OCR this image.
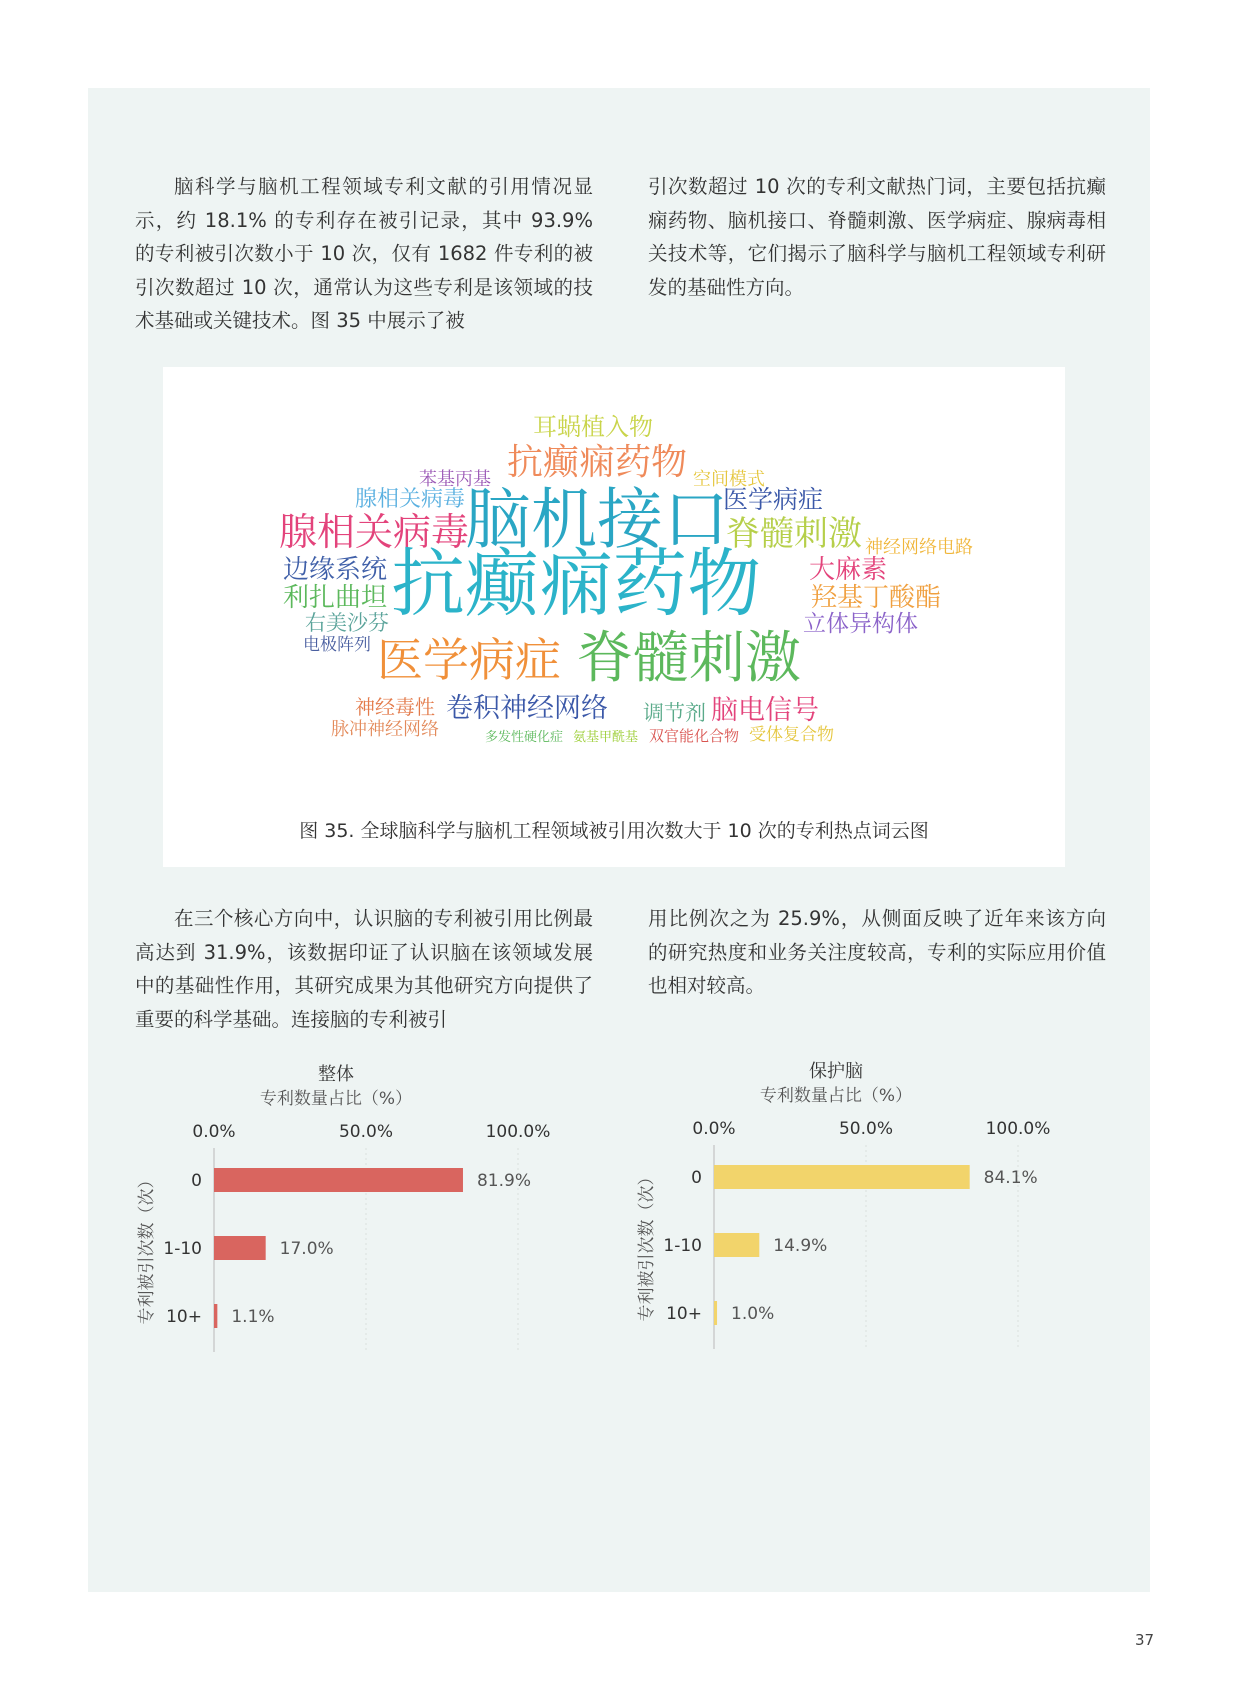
脑科学与脑机工程领域专利文献的引用情况显示，约 18.1% 的专利存在被引记录，其中 93.9% 的专利被引次数小于 10 次，仅有 1682 件专利的被引次数超过 10 次，通常认为这些专利是该领域的技术基础或关键技术。图 35 中展示了被

引次数超过 10 次的专利文献热门词，主要包括抗癫痫药物、脑机接口、脊髓刺激、医学病症、腺病毒相关技术等，它们揭示了脑科学与脑机工程领域专利研发的基础性方向。

耳蜗植入物
抗癫痫药物
苯基丙基	空间模式
腺相关病毒	医学病症
腺相关病毒
脑机接口
脊髓刺激 神经网络电路
边缘系统	大麻素
利扎曲坦 抗癫痫药物 羟基丁酸酯
右美沙芬	立体异构体
电极阵列 医学病症 脊髓刺激
神经毒性 卷积神经网络 调节剂 脑电信号
脉冲神经网络	多发性硬化症 氨基甲酰基 双官能化合物 受体复合物
图 35. 全球脑科学与脑机工程领域被引用次数大于 10 次的专利热点词云图

在三个核心方向中，认识脑的专利被引用比例最高达到 31.9%，该数据印证了认识脑在该领域发展中的基础性作用，其研究成果为其他研究方向提供了重要的科学基础。连接脑的专利被引

用比例次之为 25.9%，从侧面反映了近年来该方向的研究热度和业务关注度较高，专利的实际应用价值也相对较高。

整体
专利数量占比（%）
专利被引次数（次）
0.0%	50.0%	100.0%
0	81.9%
1-10	17.0%
10+ 1.1%
保护脑
专利数量占比（%）
专利被引次数（次）
0.0%	50.0%	100.0%
0	84.1%
1-10	14.9%
10+ 1.0%
37
